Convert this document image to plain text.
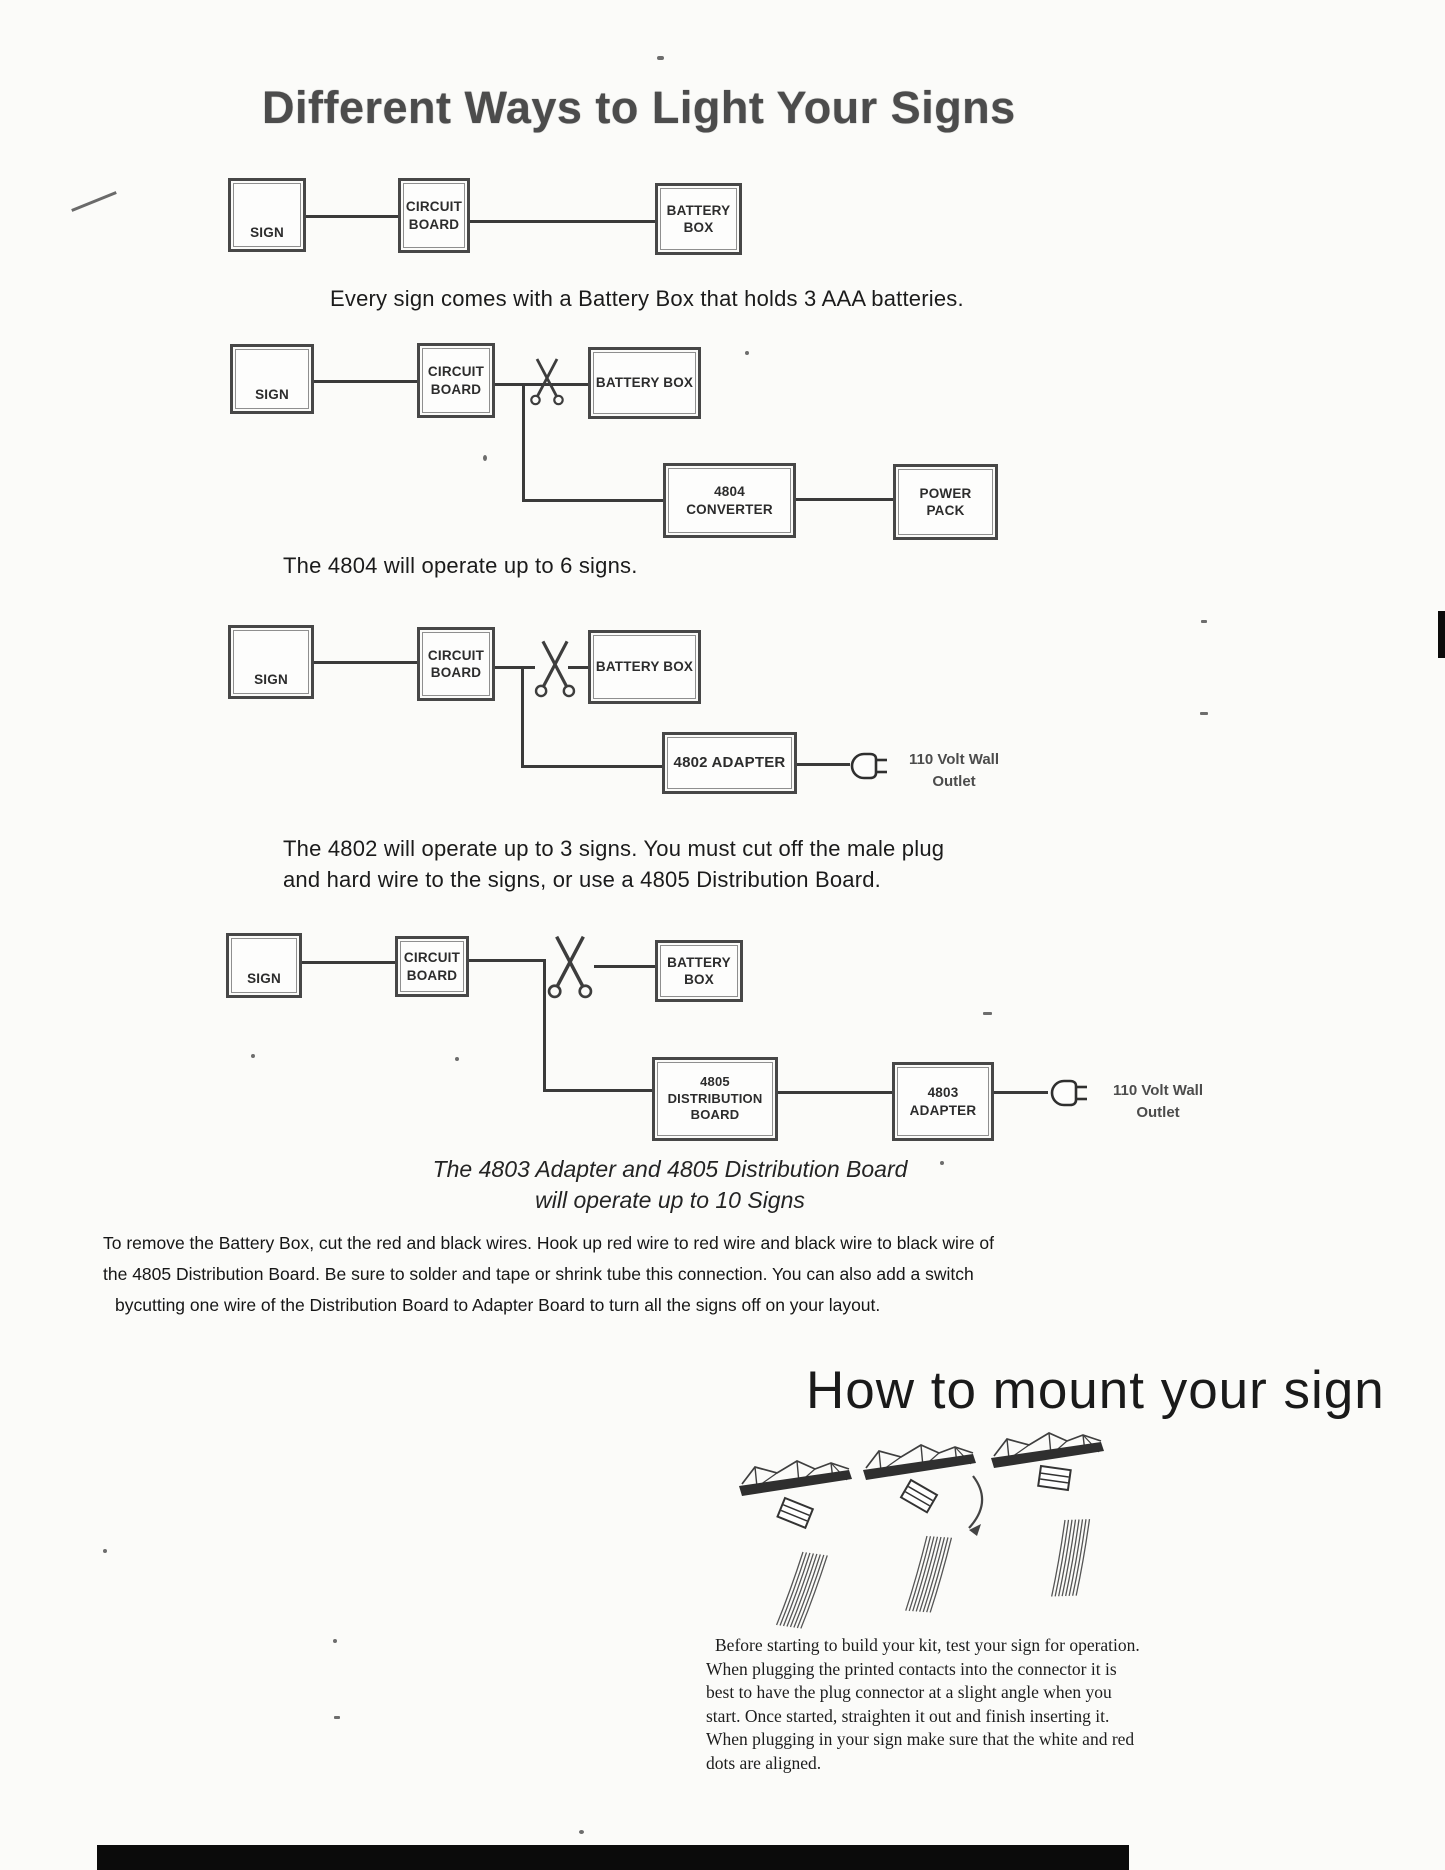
Different Ways to Light Your Signs
SIGN
CIRCUIT
BOARD
BATTERY
BOX
Every sign comes with a Battery Box that holds 3 AAA batteries.
SIGN
CIRCUIT
BOARD	BATTERY BOX
4804
CONVERTER
POWER
PACK
The 4804 will operate up to 6 signs.
SIGN
CIRCUIT
BOARD	BATTERY BOX
4802 ADAPTER	110 Volt Wall
Outlet
The 4802 will operate up to 3 signs. You must cut off the male plug
and hard wire to the signs, or use a 4805 Distribution Board.
SIGN
CIRCUIT
BOARD
BATTERY
BOX
4805
DISTRIBUTION
BOARD
4803
ADAPTER
110 Volt Wall
Outlet
The 4803 Adapter and 4805 Distribution Board
will operate up to 10 Signs
To remove the Battery Box, cut the red and black wires. Hook up red wire to red wire and black wire to black wire of
the 4805 Distribution Board. Be sure to solder and tape or shrink tube this connection. You can also add a switch
bycutting one wire of the Distribution Board to Adapter Board to turn all the signs off on your layout.
How to mount your sign
Before starting to build your kit, test your sign for operation.
When plugging the printed contacts into the connector it is
best to have the plug connector at a slight angle when you
start. Once started, straighten it out and finish inserting it.
When plugging in your sign make sure that the white and red
dots are aligned.
